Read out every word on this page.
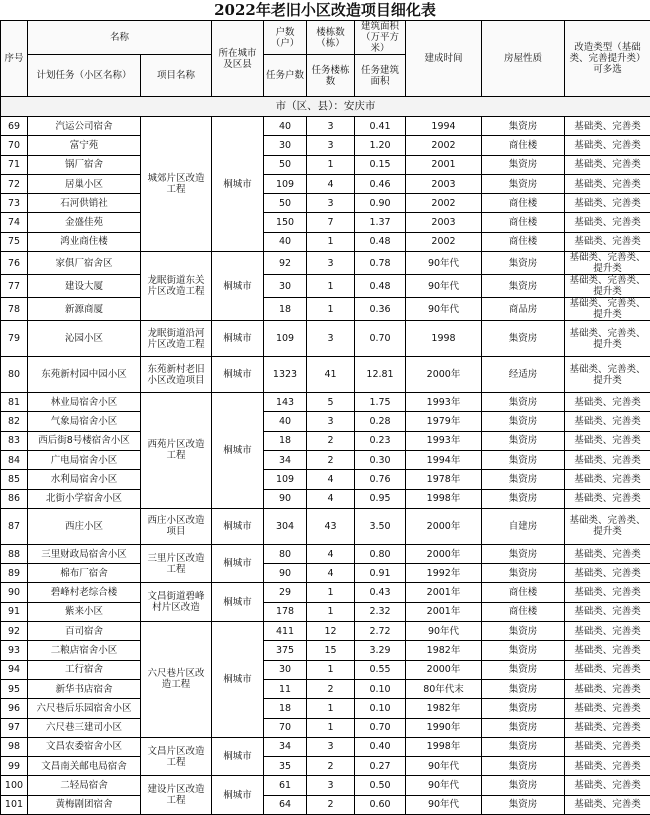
2022年老旧小区改造项目细化表
序号	名称		所在城市及区县	户数（户）	楼栋数（栋）	建筑面积（万平方米）	建成时间	房屋性质	改造类型（基础类、完善提升类）可多选
	计划任务（小区名称）	项目名称		任务户数	任务楼栋数	任务建筑面积			
市（区、县）：安庆市									
69	汽运公司宿舍	城郊片区改造工程	桐城市	40	3	0.41	1994	集资房	基础类、完善类
70	富宁苑			30	3	1.20	2002	商住楼	基础类、完善类
71	锅厂宿舍			50	1	0.15	2001	集资房	基础类、完善类
72	居巢小区			109	4	0.46	2003	集资房	基础类、完善类
73	石河供销社			50	3	0.90	2002	商住楼	基础类、完善类
74	金盛佳苑			150	7	1.37	2003	商住楼	基础类、完善类
75	鸿业商住楼			40	1	0.48	2002	商住楼	基础类、完善类
76	家俱厂宿舍区	龙眠街道东关片区改造工程	桐城市	92	3	0.78	90年代	集资房	基础类、完善类、提升类
77	建设大厦			30	1	0.48	90年代	集资房	基础类、完善类、提升类
78	新源商厦			18	1	0.36	90年代	商品房	基础类、完善类、提升类
79	沁园小区	龙眠街道沿河片区改造工程	桐城市	109	3	0.70	1998	集资房	基础类、完善类、提升类
80	东苑新村园中园小区	东苑新村老旧小区改造项目	桐城市	1323	41	12.81	2000年	经适房	基础类、完善类、提升类
81	林业局宿舍小区	西苑片区改造工程	桐城市	143	5	1.75	1993年	集资房	基础类、完善类
82	气象局宿舍小区			40	3	0.28	1979年	集资房	基础类、完善类
83	西后街8号楼宿舍小区			18	2	0.23	1993年	集资房	基础类、完善类
84	广电局宿舍小区			34	2	0.30	1994年	集资房	基础类、完善类
85	水利局宿舍小区			109	4	0.76	1978年	集资房	基础类、完善类
86	北街小学宿舍小区			90	4	0.95	1998年	集资房	基础类、完善类
87	西庄小区	西庄小区改造项目	桐城市	304	43	3.50	2000年	自建房	基础类、完善类、提升类
88	三里财政局宿舍小区	三里片区改造工程	桐城市	80	4	0.80	2000年	集资房	基础类、完善类
89	棉布厂宿舍			90	4	0.91	1992年	集资房	基础类、完善类
90	碧峰村老综合楼	文昌街道碧峰村片区改造	桐城市	29	1	0.43	2001年	商住楼	基础类、完善类
91	紫来小区			178	1	2.32	2001年	商住楼	基础类、完善类
92	百司宿舍	六尺巷片区改造工程	桐城市	411	12	2.72	90年代	集资房	基础类、完善类
93	二粮店宿舍小区			375	15	3.29	1982年	集资房	基础类、完善类
94	工行宿舍			30	1	0.55	2000年	集资房	基础类、完善类
95	新华书店宿舍			11	2	0.10	80年代末	集资房	基础类、完善类
96	六尺巷后乐园宿舍小区			18	1	0.10	1982年	集资房	基础类、完善类
97	六尺巷三建司小区			70	1	0.70	1990年	集资房	基础类、完善类
98	文昌农委宿舍小区	文昌片区改造工程	桐城市	34	3	0.40	1998年	集资房	基础类、完善类
99	文昌南关邮电局宿舍			35	2	0.27	90年代	集资房	基础类、完善类
100	二轻局宿舍	建设片区改造工程	桐城市	61	3	0.50	90年代	集资房	基础类、完善类
101	黄梅剧团宿舍			64	2	0.60	90年代	集资房	基础类、完善类
